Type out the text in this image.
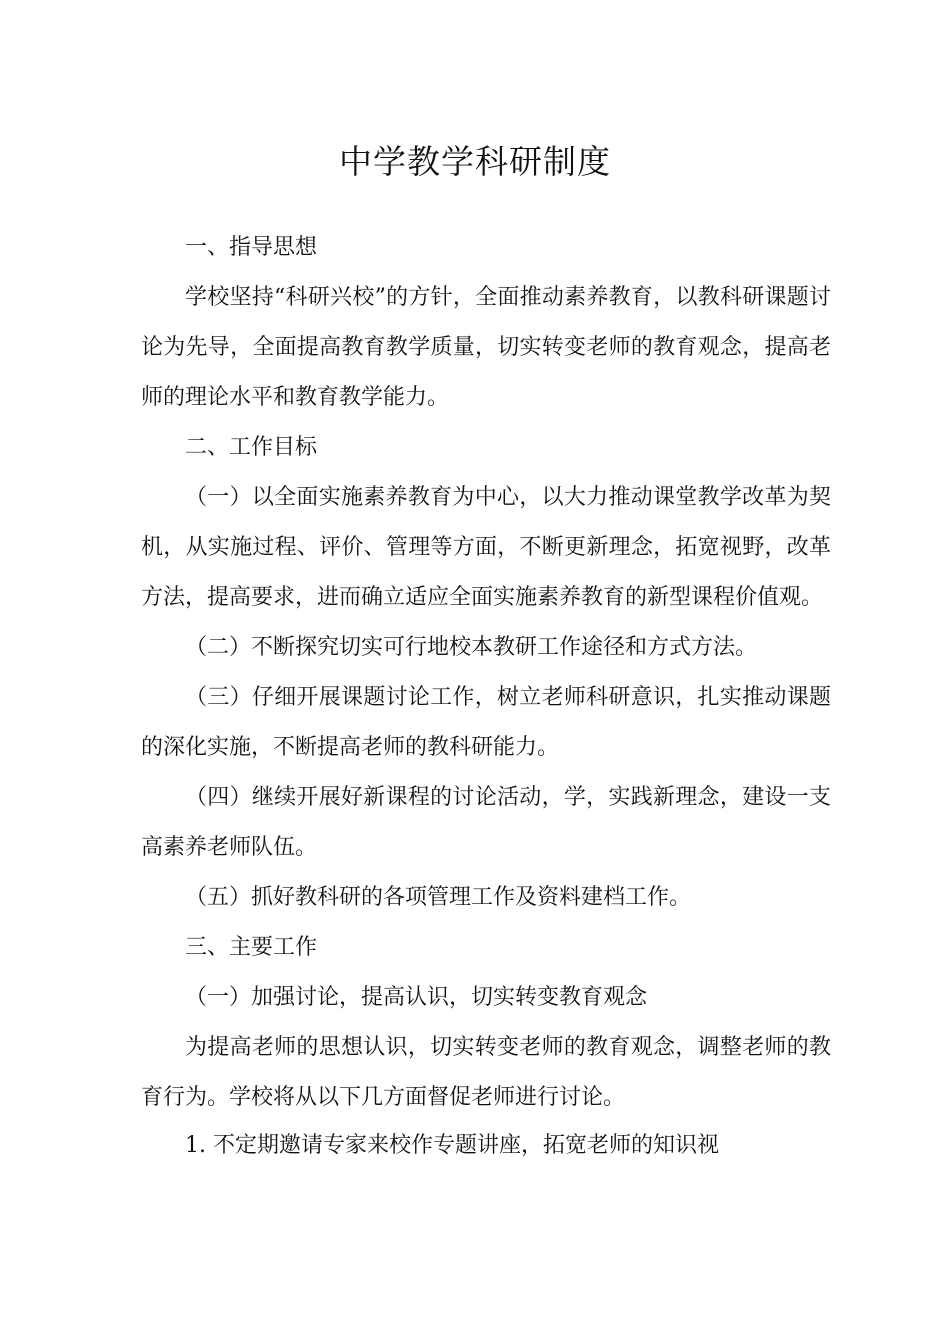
中学教学科研制度

一、指导思想

学校坚持“科研兴校”的方针，全面推动素养教育，以教科研课题讨论为先导，全面提高教育教学质量，切实转变老师的教育观念，提高老师的理论水平和教育教学能力。

二、工作目标

（一）以全面实施素养教育为中心，以大力推动课堂教学改革为契机，从实施过程、评价、管理等方面，不断更新理念，拓宽视野，改革方法，提高要求，进而确立适应全面实施素养教育的新型课程价值观。

（二）不断探究切实可行地校本教研工作途径和方式方法。

（三）仔细开展课题讨论工作，树立老师科研意识，扎实推动课题的深化实施，不断提高老师的教科研能力。

（四）继续开展好新课程的讨论活动，学，实践新理念，建设一支高素养老师队伍。

（五）抓好教科研的各项管理工作及资料建档工作。

三、主要工作

（一）加强讨论，提高认识，切实转变教育观念

为提高老师的思想认识，切实转变老师的教育观念，调整老师的教育行为。学校将从以下几方面督促老师进行讨论。

1. 不定期邀请专家来校作专题讲座，拓宽老师的知识视
